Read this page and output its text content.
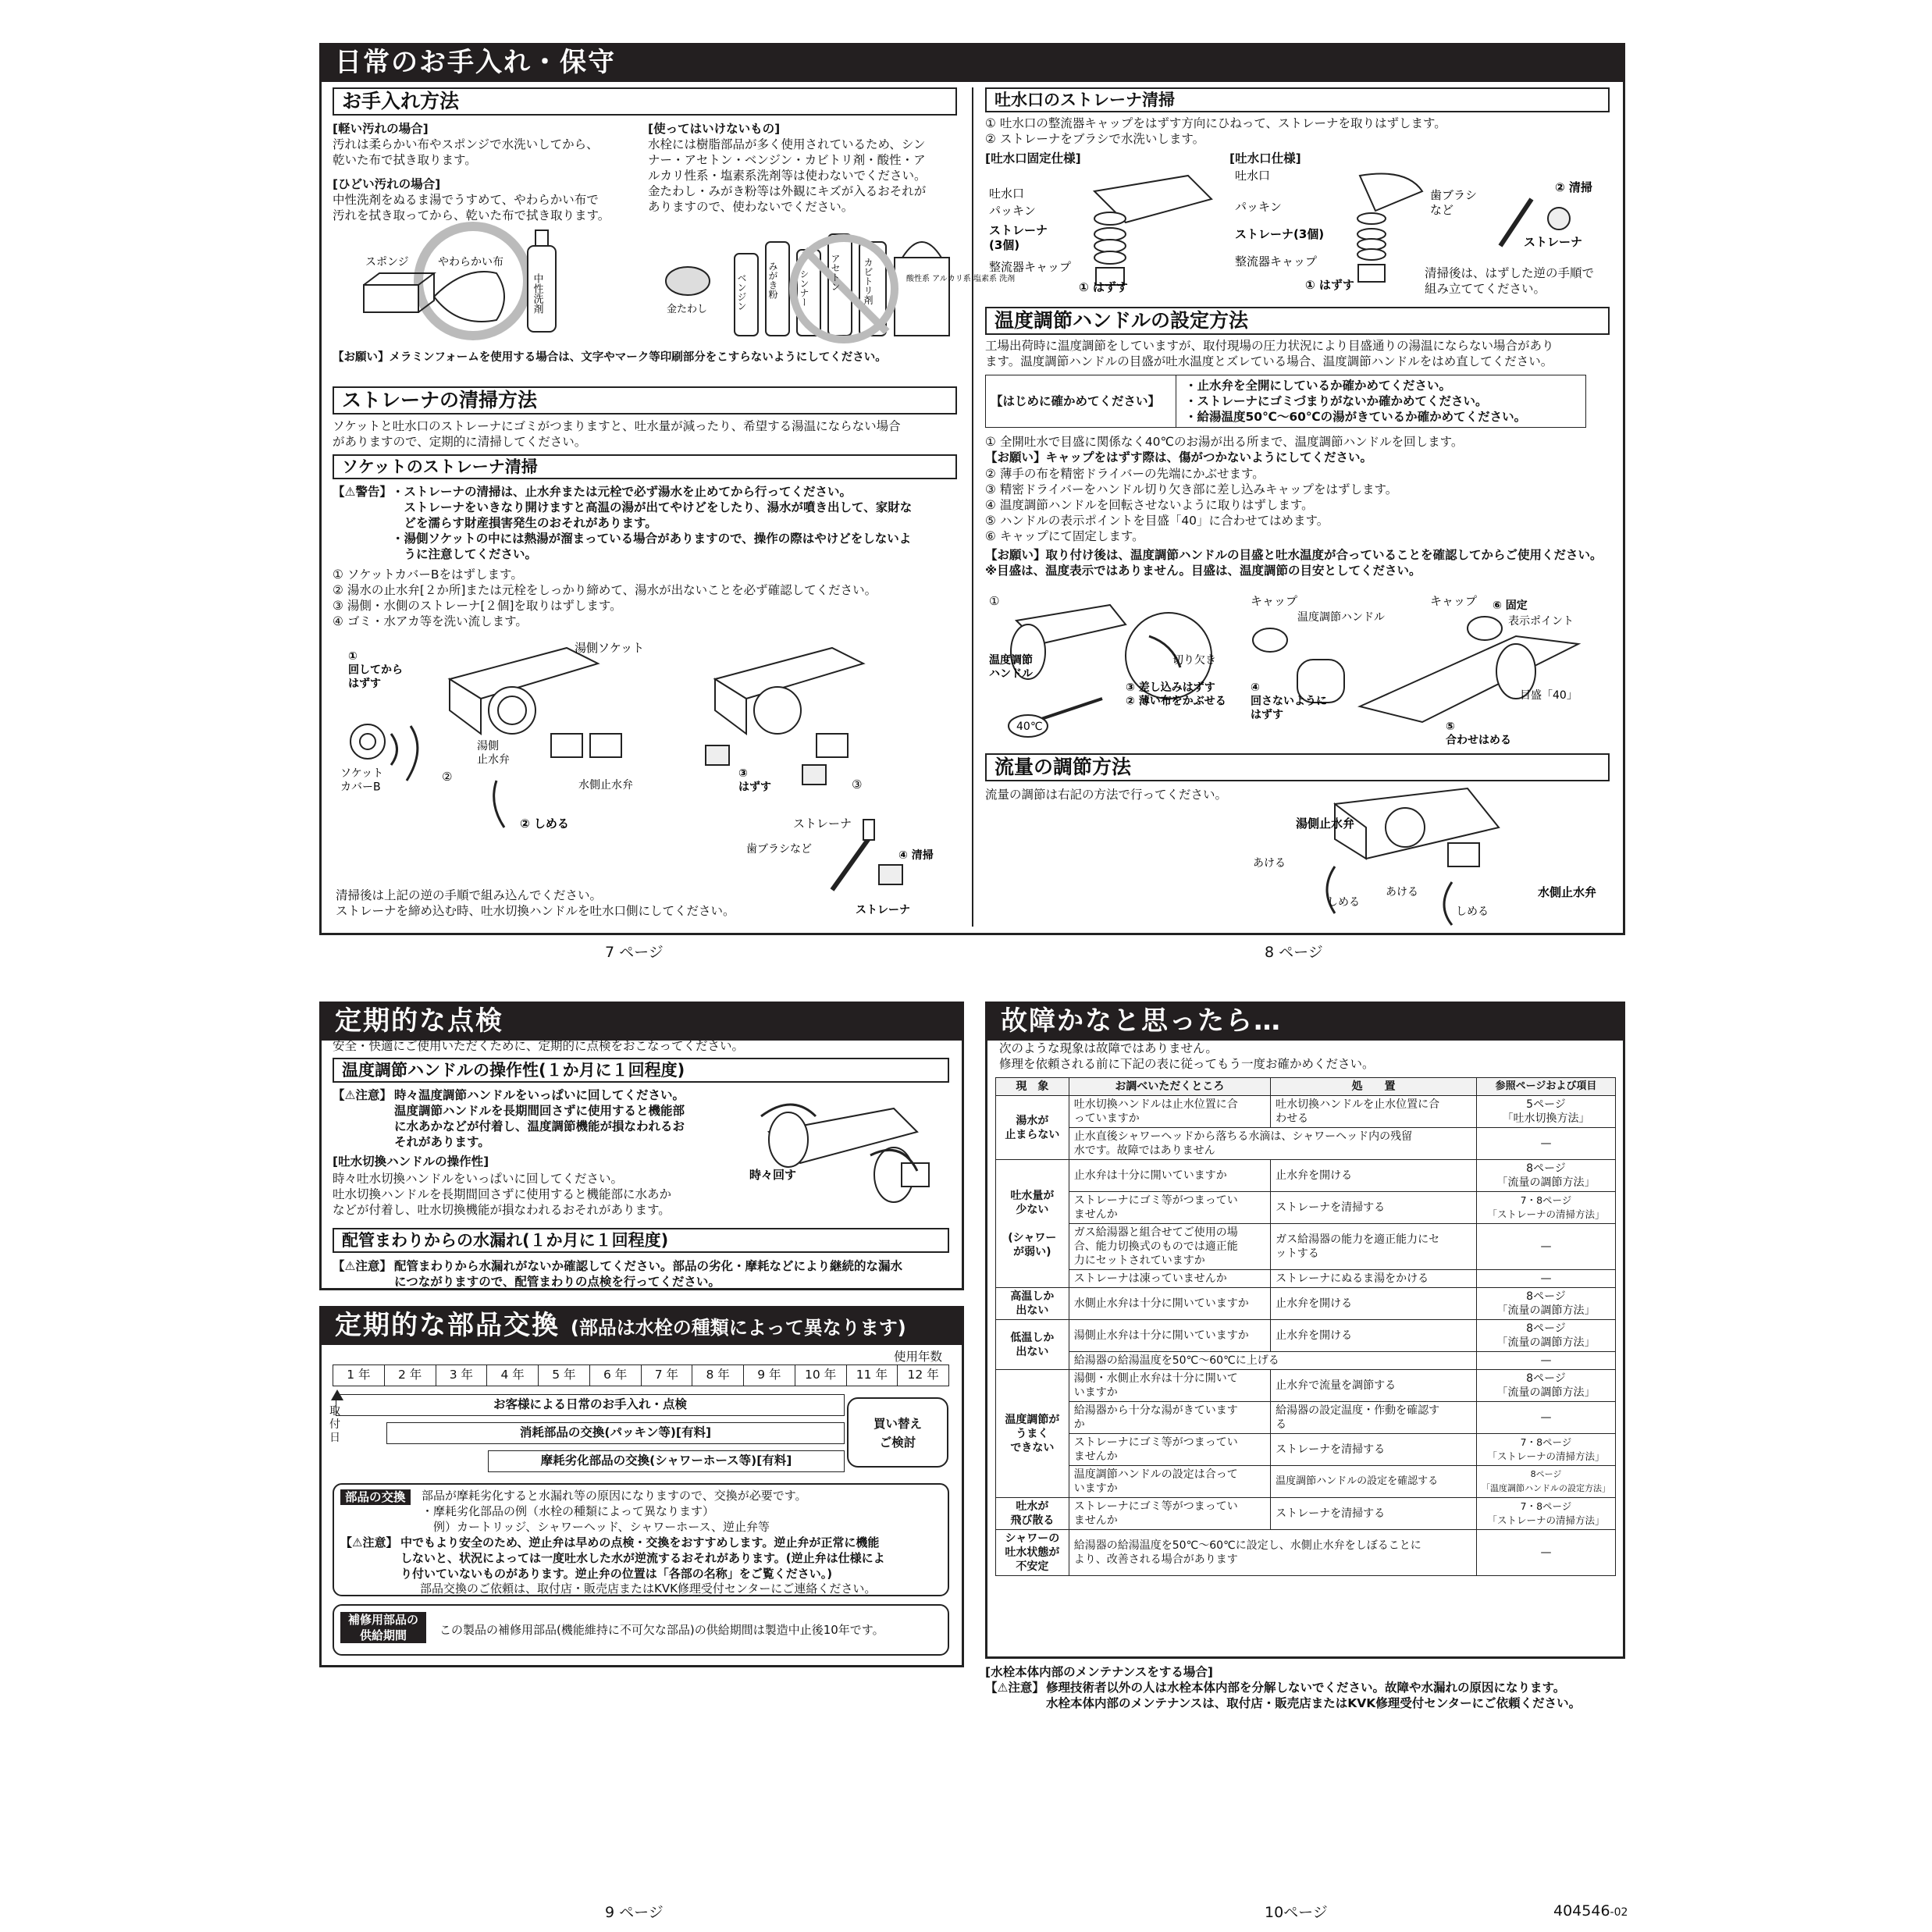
日常のお手入れ・保守
お手入れ方法
[軽い汚れの場合]
汚れは柔らかい布やスポンジで水洗いしてから、
乾いた布で拭き取ります。
[ひどい汚れの場合]
中性洗剤をぬるま湯でうすめて、やわらかい布で
汚れを拭き取ってから、乾いた布で拭き取ります。
[使ってはいけないもの]
水栓には樹脂部品が多く使用されているため、シン
ナー・アセトン・ベンジン・カビトリ剤・酸性・ア
ルカリ性系・塩素系洗剤等は使わないでください。
金たわし・みがき粉等は外観にキズが入るおそれが
ありますので、使わないでください。
スポンジ	やわらかい布
中性洗剤	金たわし	ベンジン みがき粉 シンナー アセトン カビトリ剤	酸性系 アルカリ系 塩素系 洗剤
【お願い】メラミンフォームを使用する場合は、文字やマーク等印刷部分をこすらないようにしてください。
ストレーナの清掃方法
ソケットと吐水口のストレーナにゴミがつまりますと、吐水量が減ったり、希望する湯温にならない場合
がありますので、定期的に清掃してください。
ソケットのストレーナ清掃
【⚠警告】 ・ストレーナの清掃は、止水弁または元栓で必ず湯水を止めてから行ってください。
　ストレーナをいきなり開けますと高温の湯が出てやけどをしたり、湯水が噴き出して、家財な
　どを濡らす財産損害発生のおそれがあります。
・湯側ソケットの中には熱湯が溜まっている場合がありますので、操作の際はやけどをしないよ
　うに注意してください。
① ソケットカバーBをはずします。
② 湯水の止水弁[２か所]または元栓をしっかり締めて、湯水が出ないことを必ず確認してください。
③ 湯側・水側のストレーナ[２個]を取りはずします。
④ ゴミ・水アカ等を洗い流します。
① 回してからはずす
ソケットカバーB
湯側ソケット
湯側止水弁
水側止水弁
②
② しめる
③ はずす	③
ストレーナ
歯ブラシなど	④ 清掃
ストレーナ
清掃後は上記の逆の手順で組み込んでください。
ストレーナを締め込む時、吐水切換ハンドルを吐水口側にしてください。
吐水口のストレーナ清掃
① 吐水口の整流器キャップをはずす方向にひねって、ストレーナを取りはずします。
② ストレーナをブラシで水洗いします。
[吐水口固定仕様]	[吐水口仕様]
吐水口
パッキン
ストレーナ(3個)
整流器キャップ
① はずす
吐水口
パッキン
ストレーナ(3個)
整流器キャップ
① はずす
歯ブラシなど
② 清掃
ストレーナ
清掃後は、はずした逆の手順で
組み立ててください。
温度調節ハンドルの設定方法
工場出荷時に温度調節をしていますが、取付現場の圧力状況により目盛通りの湯温にならない場合があり
ます。温度調節ハンドルの目盛が吐水温度とズレている場合、温度調節ハンドルをはめ直してください。
【はじめに確かめてください】
・止水弁を全開にしているか確かめてください。
・ストレーナにゴミづまりがないか確かめてください。
・給湯温度50℃～60℃の湯がきているか確かめてください。
① 全開吐水で目盛に関係なく40℃のお湯が出る所まで、温度調節ハンドルを回します。
【お願い】キャップをはずす際は、傷がつかないようにしてください。
② 薄手の布を精密ドライバーの先端にかぶせます。
③ 精密ドライバーをハンドル切り欠き部に差し込みキャップをはずします。
④ 温度調節ハンドルを回転させないように取りはずします。
⑤ ハンドルの表示ポイントを目盛「40」に合わせてはめます。
⑥ キャップにて固定します。
【お願い】取り付け後は、温度調節ハンドルの目盛と吐水温度が合っていることを確認してからご使用ください。
※目盛は、温度表示ではありません。目盛は、温度調節の目安としてください。
①
温度調節ハンドル
40℃
切り欠き
③ 差し込みはずす ② 薄い布をかぶせる
キャップ
温度調節ハンドル
④ 回さないようにはずす
キャップ ⑥ 固定
表示ポイント
目盛「40」
⑤ 合わせはめる
流量の調節方法
流量の調節は右記の方法で行ってください。
湯側止水弁
あける
しめる
あける
しめる
水側止水弁
7 ページ	8 ページ
定期的な点検
安全・快適にご使用いただくために、定期的に点検をおこなってください。
温度調節ハンドルの操作性(１か月に１回程度)
【⚠注意】 時々温度調節ハンドルをいっぱいに回してください。
温度調節ハンドルを長期間回さずに使用すると機能部
に水あかなどが付着し、温度調節機能が損なわれるお
それがあります。
[吐水切換ハンドルの操作性]
時々吐水切換ハンドルをいっぱいに回してください。
吐水切換ハンドルを長期間回さずに使用すると機能部に水あか
などが付着し、吐水切換機能が損なわれるおそれがあります。
時々回す
配管まわりからの水漏れ(１か月に１回程度)
【⚠注意】 配管まわりから水漏れがないか確認してください。部品の劣化・摩耗などにより継続的な漏水
につながりますので、配管まわりの点検を行ってください。
定期的な部品交換 (部品は水栓の種類によって異なります)
使用年数
1 年	2 年	3 年	4 年	5 年	6 年	7 年	8 年	9 年	10 年	11 年	12 年
取付日
お客様による日常のお手入れ・点検
消耗部品の交換(パッキン等)[有料]
摩耗劣化部品の交換(シャワーホース等)[有料]
買い替え
ご検討
部品の交換	部品が摩耗劣化すると水漏れ等の原因になりますので、交換が必要です。
・摩耗劣化部品の例（水栓の種類によって異なります）
　例）カートリッジ、シャワーヘッド、シャワーホース、逆止弁等
【⚠注意】 中でもより安全のため、逆止弁は早めの点検・交換をおすすめします。逆止弁が正常に機能
しないと、状況によっては一度吐水した水が逆流するおそれがあります。(逆止弁は仕様によ
り付いていないものがあります。逆止弁の位置は「各部の名称」をご覧ください。)
部品交換のご依頼は、取付店・販売店またはKVK修理受付センターにご連絡ください。
補修用部品の
供給期間	この製品の補修用部品(機能維持に不可欠な部品)の供給期間は製造中止後10年です。
9 ページ
故障かなと思ったら…
次のような現象は故障ではありません。
修理を依頼される前に下記の表に従ってもう一度お確かめください。
現　象	お調べいただくところ	処　　置	参照ページおよび項目
湯水が
止まらない	吐水切換ハンドルは止水位置に合
っていますか	吐水切換ハンドルを止水位置に合
わせる	5ページ
「吐水切換方法」
	止水直後シャワーヘッドから落ちる水滴は、シャワーヘッド内の残留
水です。故障ではありません		—
吐水量が
少ない

(シャワー
が弱い)	止水弁は十分に開いていますか	止水弁を開ける	8ページ
「流量の調節方法」
	ストレーナにゴミ等がつまってい
ませんか	ストレーナを清掃する	7・8ページ
「ストレーナの清掃方法」
	ガス給湯器と組合せてご使用の場
合、能力切換式のものでは適正能
力にセットされていますか	ガス給湯器の能力を適正能力にセ
ットする	—
	ストレーナは凍っていませんか	ストレーナにぬるま湯をかける	—
高温しか
出ない	水側止水弁は十分に開いていますか	止水弁を開ける	8ページ
「流量の調節方法」
低温しか
出ない	湯側止水弁は十分に開いていますか	止水弁を開ける	8ページ
「流量の調節方法」
	給湯器の給湯温度を50℃～60℃に上げる		—
温度調節が
うまく
できない	湯側・水側止水弁は十分に開いて
いますか	止水弁で流量を調節する	8ページ
「流量の調節方法」
	給湯器から十分な湯がきています
か	給湯器の設定温度・作動を確認す
る	—
	ストレーナにゴミ等がつまってい
ませんか	ストレーナを清掃する	7・8ページ
「ストレーナの清掃方法」
	温度調節ハンドルの設定は合って
いますか	温度調節ハンドルの設定を確認する	8ページ
「温度調節ハンドルの設定方法」
吐水が
飛び散る	ストレーナにゴミ等がつまってい
ませんか	ストレーナを清掃する	7・8ページ
「ストレーナの清掃方法」
シャワーの
吐水状態が
不安定	給湯器の給湯温度を50℃～60℃に設定し、水側止水弁をしぼることに
より、改善される場合があります		—
[水栓本体内部のメンテナンスをする場合]
【⚠注意】 修理技術者以外の人は水栓本体内部を分解しないでください。故障や水漏れの原因になります。
水栓本体内部のメンテナンスは、取付店・販売店またはKVK修理受付センターにご依頼ください。
10ページ	404546-02
